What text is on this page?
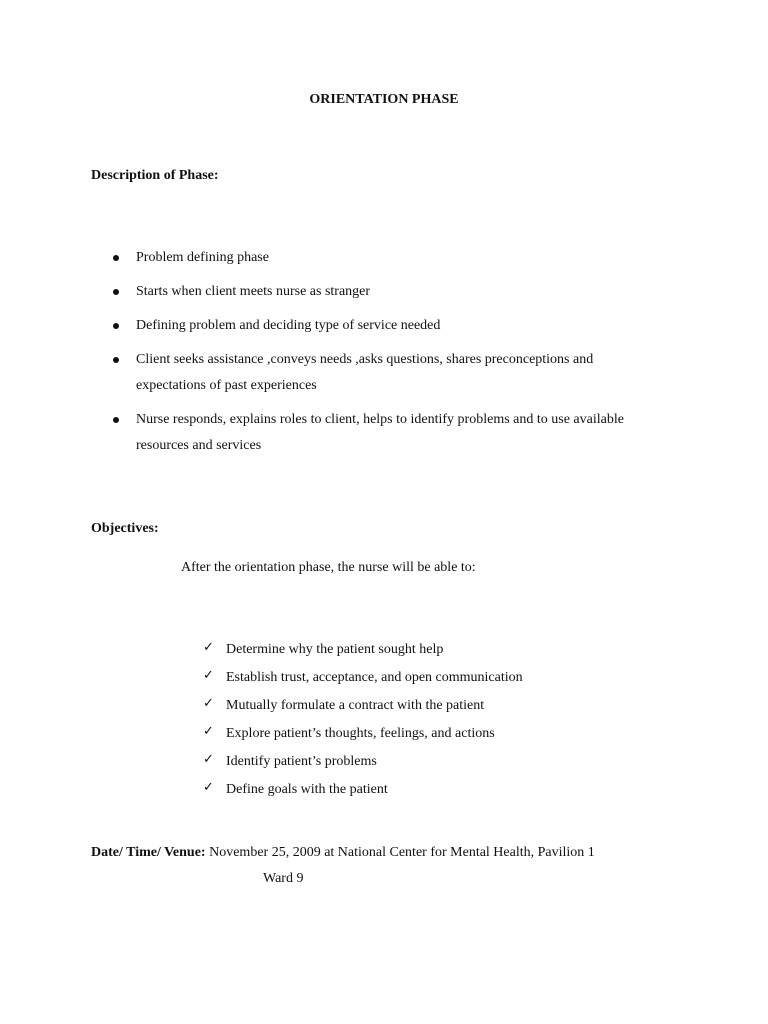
ORIENTATION PHASE
Description of Phase:
Problem defining phase
Starts when client meets nurse as stranger
Defining problem and deciding type of service needed
Client seeks assistance ,conveys needs ,asks questions, shares preconceptions and
expectations of past experiences
Nurse responds, explains roles to client, helps to identify problems and to use available
resources and services
Objectives:
After the orientation phase, the nurse will be able to:
✓ Determine why the patient sought help
✓ Establish trust, acceptance, and open communication
✓ Mutually formulate a contract with the patient
✓ Explore patient’s thoughts, feelings, and actions
✓ Identify patient’s problems
✓ Define goals with the patient
Date/ Time/ Venue: November 25, 2009 at National Center for Mental Health, Pavilion 1
Ward 9
